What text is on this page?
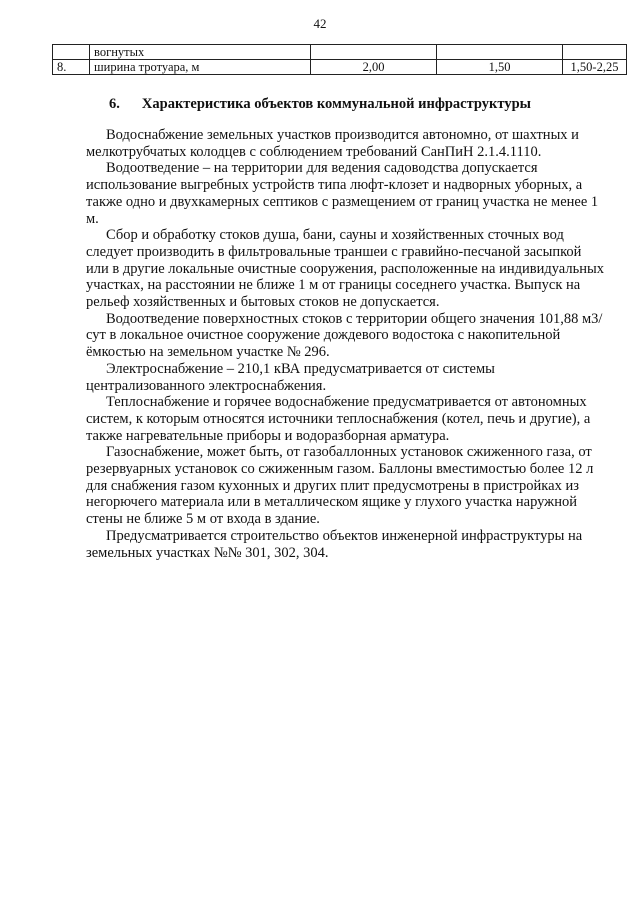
42
	вогнутых			
8.	ширина тротуара, м	2,00	1,50	1,50-2,25
6. Характеристика объектов коммунальной инфраструктуры

Водоснабжение земельных участков производится автономно, от шахтных и мелкотрубчатых колодцев с соблюдением требований СанПиН 2.1.4.1110.

Водоотведение – на территории для ведения садоводства допускается использование выгребных устройств типа люфт-клозет и надворных уборных, а также одно и двухкамерных септиков с размещением от границ участка не менее 1 м.

Сбор и обработку стоков душа, бани, сауны и хозяйственных сточных вод следует производить в фильтровальные траншеи с гравийно-песчаной засыпкой или в другие локальные очистные сооружения, расположенные на индивидуальных участках, на расстоянии не ближе 1 м от границы соседнего участка. Выпуск на рельеф хозяйственных и бытовых стоков не допускается.

Водоотведение поверхностных стоков с территории общего значения 101,88 м3/сут в локальное очистное сооружение дождевого водостока с накопительной ёмкостью на земельном участке № 296.

Электроснабжение – 210,1 кВА предусматривается от системы централизованного электроснабжения.

Теплоснабжение и горячее водоснабжение предусматривается от автономных систем, к которым относятся источники теплоснабжения (котел, печь и другие), а также нагревательные приборы и водоразборная арматура.

Газоснабжение, может быть, от газобаллонных установок сжиженного газа, от резервуарных установок со сжиженным газом. Баллоны вместимостью более 12 л для снабжения газом кухонных и других плит предусмотрены в пристройках из негорючего материала или в металлическом ящике у глухого участка наружной стены не ближе 5 м от входа в здание.

Предусматривается строительство объектов инженерной инфраструктуры на земельных участках №№ 301, 302, 304.
